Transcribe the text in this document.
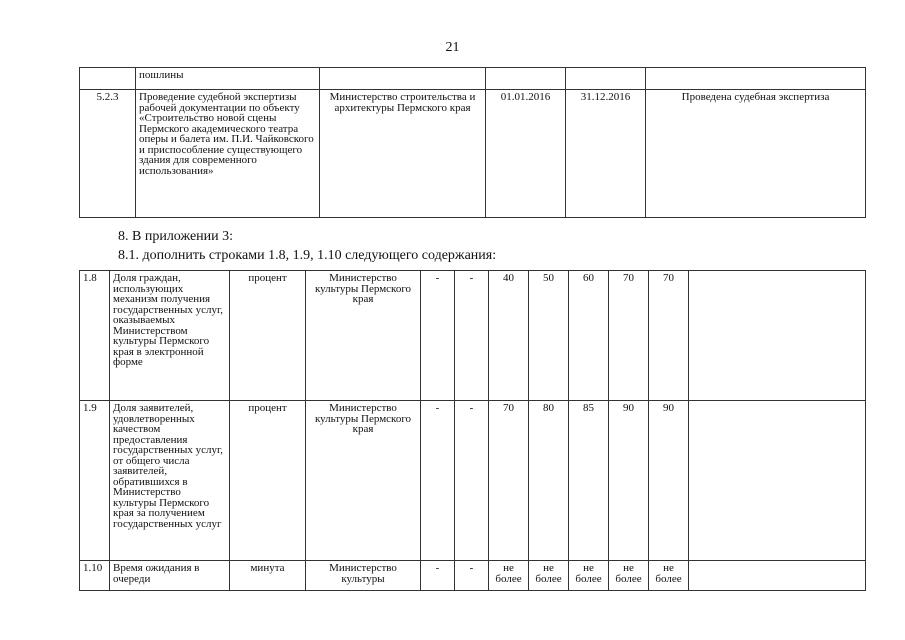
21
	пошлины				
5.2.3	Проведение судебной экспертизы рабочей документации по объекту «Строительство новой сцены Пермского академического театра оперы и балета им. П.И. Чайковского и приспособление существующего здания для современного использования»	Министерство строительства и архитектуры Пермского края	01.01.2016	31.12.2016	Проведена судебная экспертиза
8. В приложении 3:
8.1. дополнить строками 1.8, 1.9, 1.10 следующего содержания:
1.8	Доля граждан, использующих механизм получения государственных услуг, оказываемых Министерством культуры Пермского края в электронной форме	процент	Министерство культуры Пермского края	-	-	40	50	60	70	70	
1.9	Доля заявителей, удовлетворенных качеством предоставления государственных услуг, от общего числа заявителей, обратившихся в Министерство культуры Пермского края за получением государственных услуг	процент	Министерство культуры Пермского края	-	-	70	80	85	90	90	
1.10	Время ожидания в очереди	минута	Министерство культуры	-	-	не более	не более	не более	не более	не более	
